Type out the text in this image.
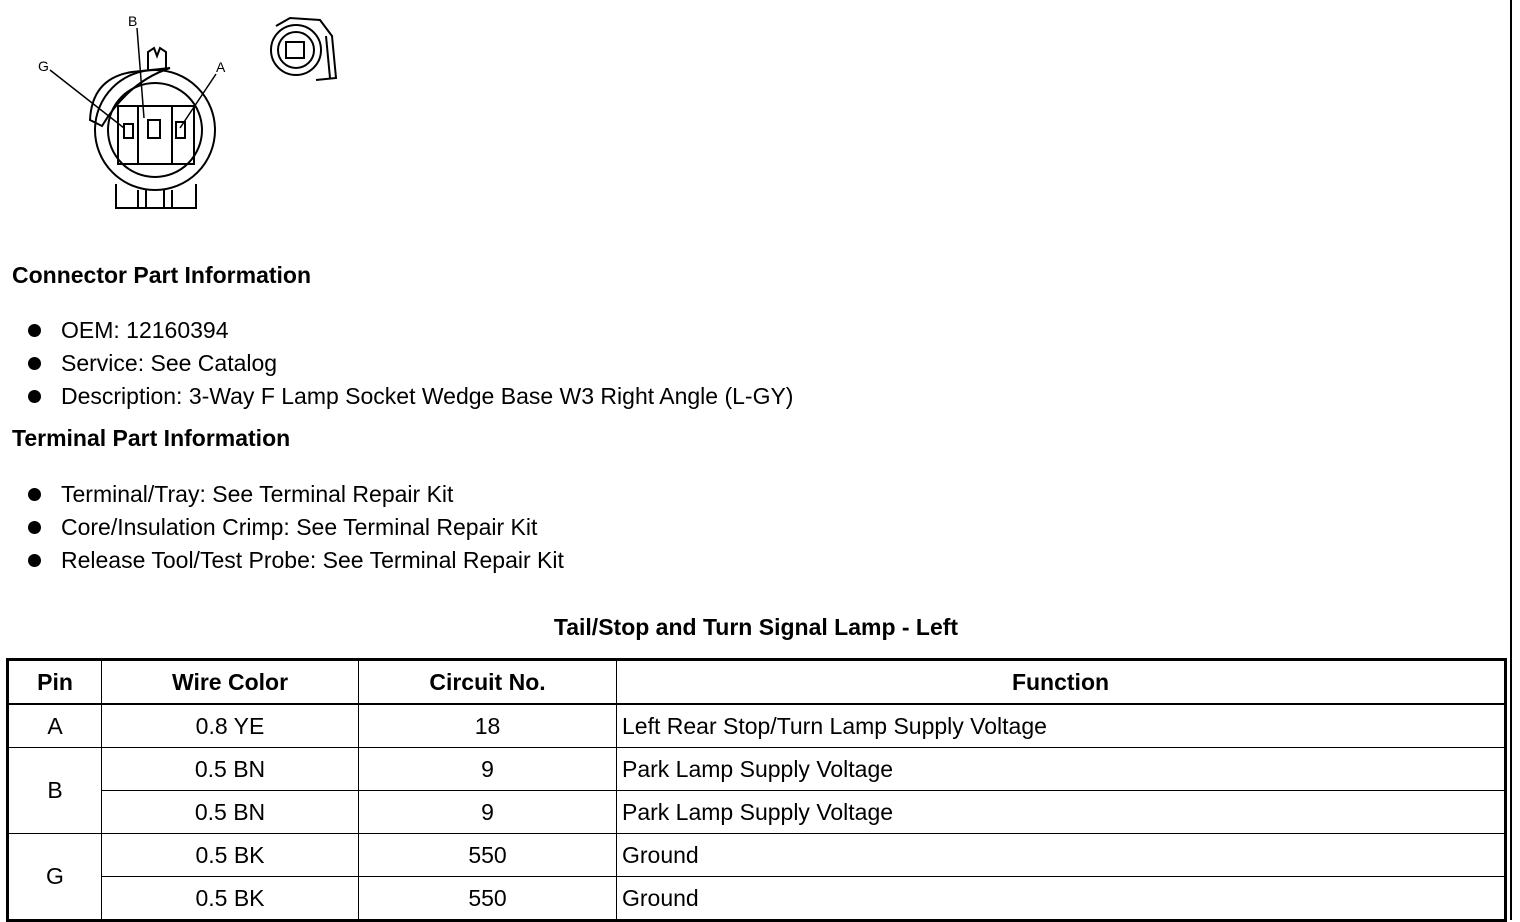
B
G	A
Connector Part Information
OEM: 12160394
Service: See Catalog
Description: 3-Way F Lamp Socket Wedge Base W3 Right Angle (L-GY)
Terminal Part Information
Terminal/Tray: See Terminal Repair Kit
Core/Insulation Crimp: See Terminal Repair Kit
Release Tool/Test Probe: See Terminal Repair Kit
Tail/Stop and Turn Signal Lamp - Left
Pin	Wire Color	Circuit No.	Function
A	0.8 YE	18	Left Rear Stop/Turn Lamp Supply Voltage
B	0.5 BN	9	Park Lamp Supply Voltage
	0.5 BN	9	Park Lamp Supply Voltage
G	0.5 BK	550	Ground
	0.5 BK	550	Ground
